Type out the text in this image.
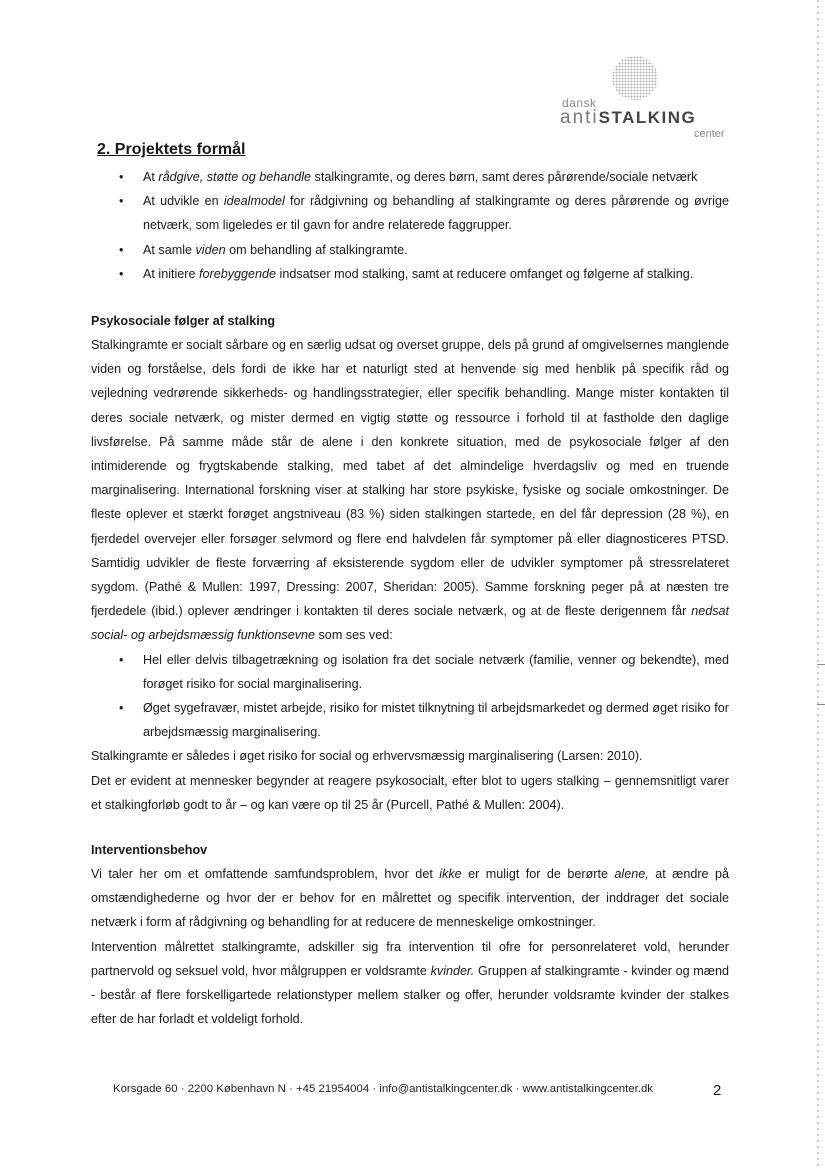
dansk
antiSTALKING
center
2. Projektets formål
• At rådgive, støtte og behandle stalkingramte, og deres børn, samt deres pårørende/sociale netværk
• At udvikle en idealmodel for rådgivning og behandling af stalkingramte og deres pårørende og øvrige netværk, som ligeledes er til gavn for andre relaterede faggrupper.
• At samle viden om behandling af stalkingramte.
• At initiere forebyggende indsatser mod stalking, samt at reducere omfanget og følgerne af stalking.
Psykosociale følger af stalking

Stalkingramte er socialt sårbare og en særlig udsat og overset gruppe, dels på grund af omgivelsernes manglende viden og forståelse, dels fordi de ikke har et naturligt sted at henvende sig med henblik på specifik råd og vejledning vedrørende sikkerheds- og handlingsstrategier, eller specifik behandling. Mange mister kontakten til deres sociale netværk, og mister dermed en vigtig støtte og ressource i forhold til at fastholde den daglige livsførelse. På samme måde står de alene i den konkrete situation, med de psykosociale følger af den intimiderende og frygtskabende stalking, med tabet af det almindelige hverdagsliv og med en truende marginalisering. International forskning viser at stalking har store psykiske, fysiske og sociale omkostninger. De fleste oplever et stærkt forøget angstniveau (83 %) siden stalkingen startede, en del får depression (28 %), en fjerdedel overvejer eller forsøger selvmord og flere end halvdelen får symptomer på eller diagnosticeres PTSD. Samtidig udvikler de fleste forværring af eksisterende sygdom eller de udvikler symptomer på stressrelateret sygdom. (Pathé & Mullen: 1997, Dressing: 2007, Sheridan: 2005). Samme forskning peger på at næsten tre fjerdedele (ibid.) oplever ændringer i kontakten til deres sociale netværk, og at de fleste derigennem får nedsat social- og arbejdsmæssig funktionsevne som ses ved:

• Hel eller delvis tilbagetrækning og isolation fra det sociale netværk (familie, venner og bekendte), med forøget risiko for social marginalisering.
• Øget sygefravær, mistet arbejde, risiko for mistet tilknytning til arbejdsmarkedet og dermed øget risiko for arbejdsmæssig marginalisering.

Stalkingramte er således i øget risiko for social og erhvervsmæssig marginalisering (Larsen: 2010).

Det er evident at mennesker begynder at reagere psykosocialt, efter blot to ugers stalking – gennemsnitligt varer et stalkingforløb godt to år – og kan være op til 25 år (Purcell, Pathé & Mullen: 2004).

Interventionsbehov

Vi taler her om et omfattende samfundsproblem, hvor det ikke er muligt for de berørte alene, at ændre på omstændighederne og hvor der er behov for en målrettet og specifik intervention, der inddrager det sociale netværk i form af rådgivning og behandling for at reducere de menneskelige omkostninger.

Intervention målrettet stalkingramte, adskiller sig fra intervention til ofre for personrelateret vold, herunder partnervold og seksuel vold, hvor målgruppen er voldsramte kvinder. Gruppen af stalkingramte - kvinder og mænd - består af flere forskelligartede relationstyper mellem stalker og offer, herunder voldsramte kvinder der stalkes efter de har forladt et voldeligt forhold.

Korsgade 60 · 2200 København N · +45 21954004 · info@antistalkingcenter.dk · www.antistalkingcenter.dk	2
